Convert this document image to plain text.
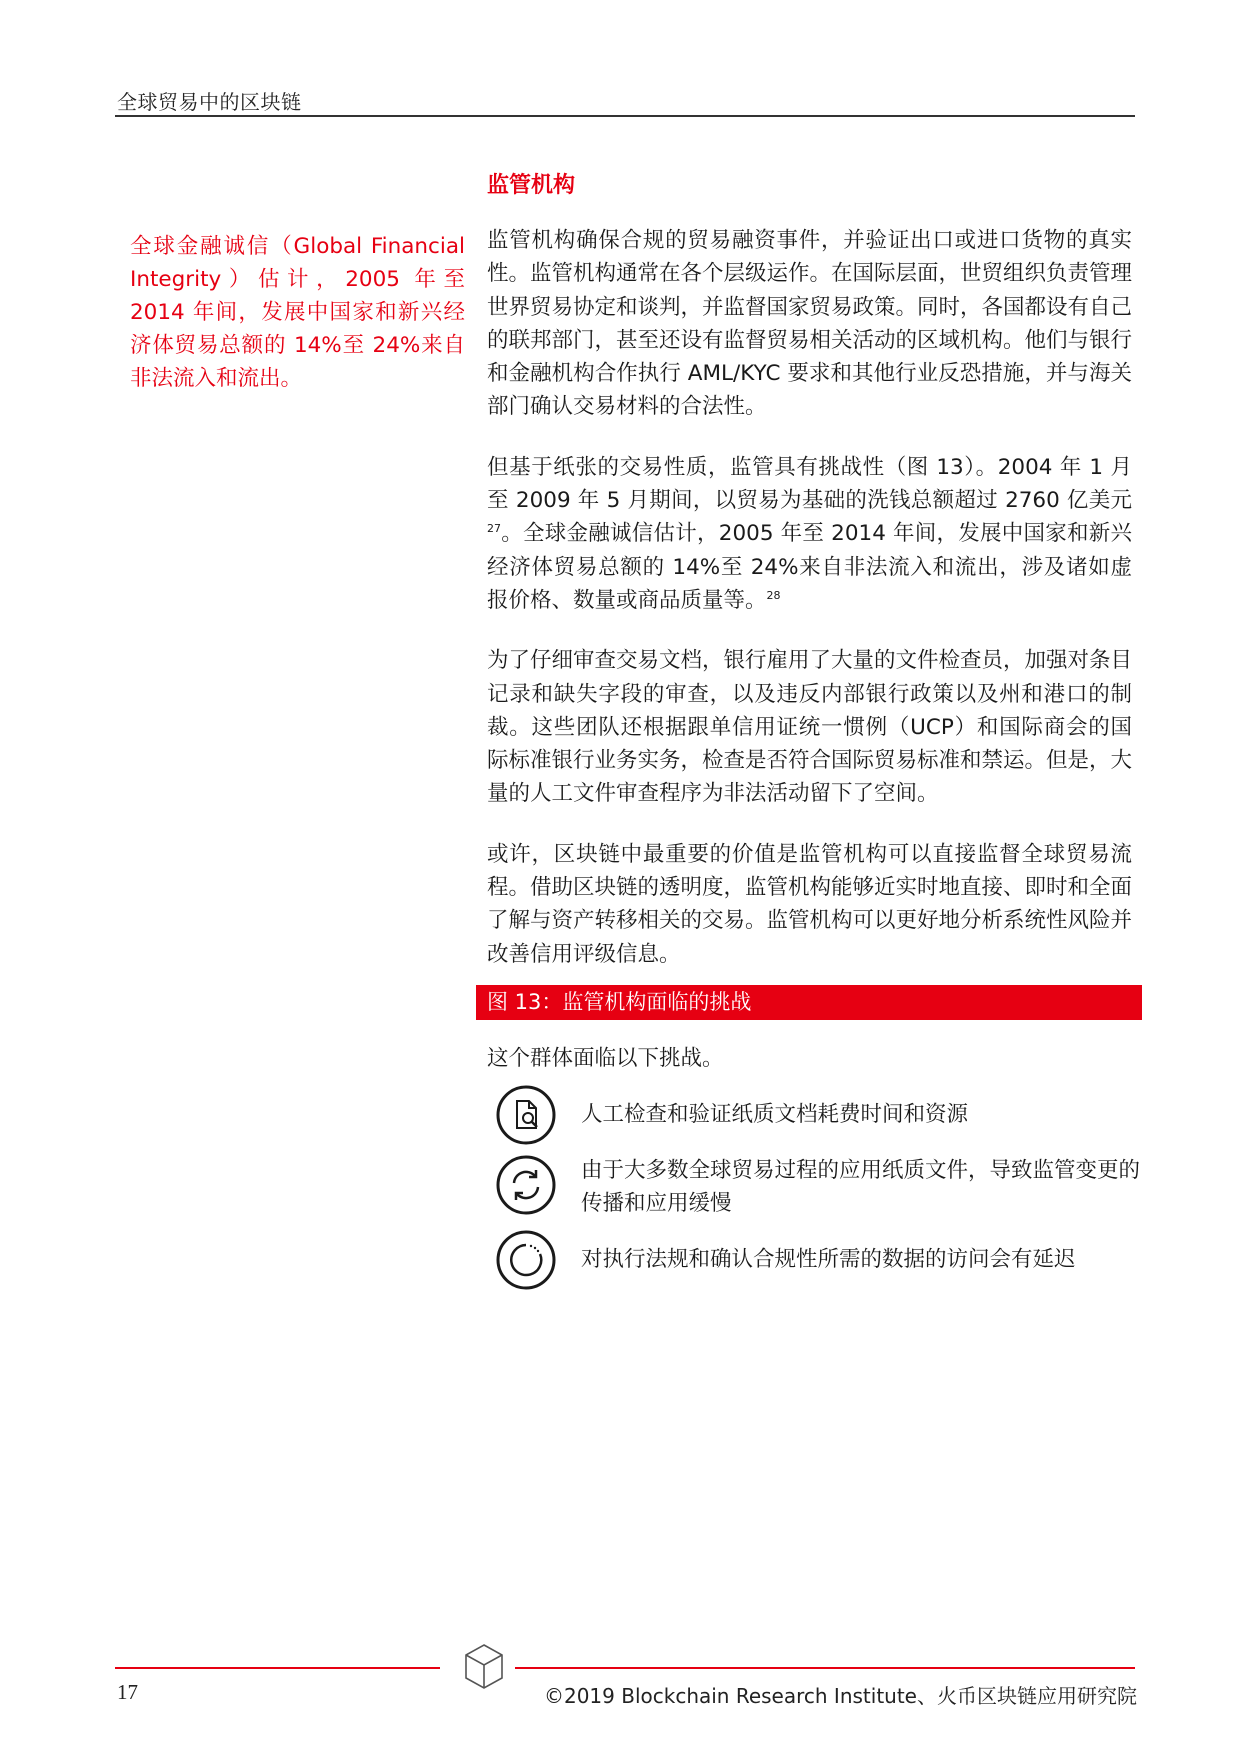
全球贸易中的区块链
全球金融诚信（Global Financial Integrity）估计，2005 年至 2014 年间，发展中国家和新兴经济体贸易总额的 14%至 24%来自非法流入和流出。
监管机构

监管机构确保合规的贸易融资事件，并验证出口或进口货物的真实性。监管机构通常在各个层级运作。在国际层面，世贸组织负责管理世界贸易协定和谈判，并监督国家贸易政策。同时，各国都设有自己的联邦部门，甚至还设有监督贸易相关活动的区域机构。他们与银行和金融机构合作执行 AML/KYC 要求和其他行业反恐措施，并与海关部门确认交易材料的合法性。

但基于纸张的交易性质，监管具有挑战性（图 13）。2004 年 1 月至 2009 年 5 月期间，以贸易为基础的洗钱总额超过 2760 亿美元$^{27}$。全球金融诚信估计，2005 年至 2014 年间，发展中国家和新兴经济体贸易总额的 14%至 24%来自非法流入和流出，涉及诸如虚报价格、数量或商品质量等。$^{28}$

为了仔细审查交易文档，银行雇用了大量的文件检查员，加强对条目记录和缺失字段的审查，以及违反内部银行政策以及州和港口的制裁。这些团队还根据跟单信用证统一惯例（UCP）和国际商会的国际标准银行业务实务，检查是否符合国际贸易标准和禁运。但是，大量的人工文件审查程序为非法活动留下了空间。

或许，区块链中最重要的价值是监管机构可以直接监督全球贸易流程。借助区块链的透明度，监管机构能够近实时地直接、即时和全面了解与资产转移相关的交易。监管机构可以更好地分析系统性风险并改善信用评级信息。

图 13：监管机构面临的挑战
这个群体面临以下挑战。
人工检查和验证纸质文档耗费时间和资源
由于大多数全球贸易过程的应用纸质文件，导致监管变更的传播和应用缓慢
对执行法规和确认合规性所需的数据的访问会有延迟
17	©2019 Blockchain Research Institute、火币区块链应用研究院
